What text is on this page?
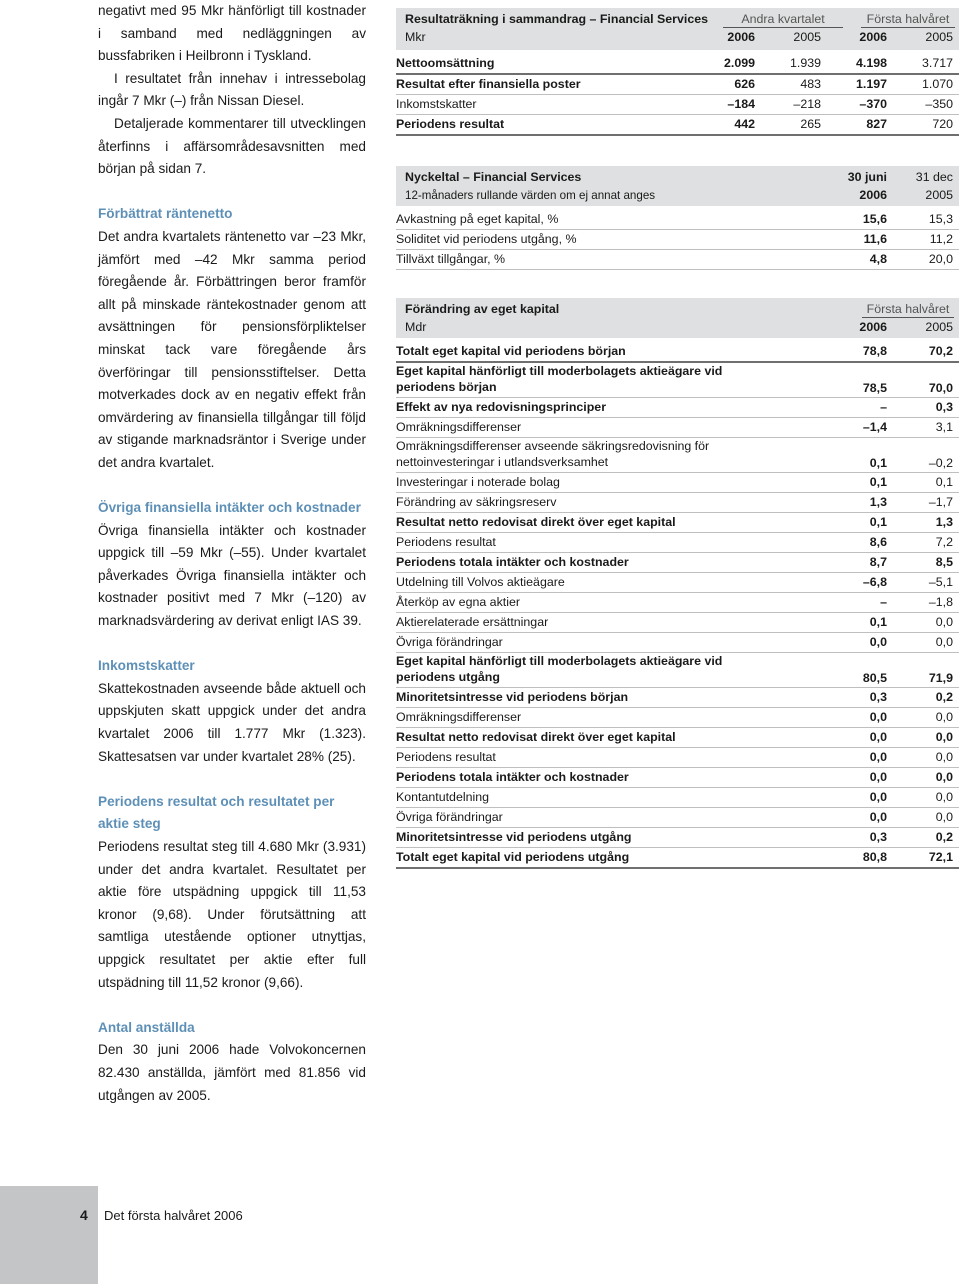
negativt med 95 Mkr hänförligt till kostnader i samband med nedläggningen av bussfabriken i Heilbronn i Tyskland.

I resultatet från innehav i intressebolag ingår 7 Mkr (–) från Nissan Diesel.

Detaljerade kommentarer till utvecklingen återfinns i affärsområdesavsnitten med början på sidan 7.

Förbättrat räntenetto

Det andra kvartalets räntenetto var –23 Mkr, jämfört med –42 Mkr samma period föregående år. Förbättringen beror framför allt på minskade räntekostnader genom att avsättningen för pensionsförpliktelser minskat tack vare föregående års överföringar till pensionsstiftelser. Detta motverkades dock av en negativ effekt från omvärdering av finansiella tillgångar till följd av stigande marknadsräntor i Sverige under det andra kvartalet.

Övriga finansiella intäkter och kostnader

Övriga finansiella intäkter och kostnader uppgick till –59 Mkr (–55). Under kvartalet påverkades Övriga finansiella intäkter och kostnader positivt med 7 Mkr (–120) av marknadsvärdering av derivat enligt IAS 39.

Inkomstskatter

Skattekostnaden avseende både aktuell och uppskjuten skatt uppgick under det andra kvartalet 2006 till 1.777 Mkr (1.323). Skattesatsen var under kvartalet 28% (25).

Periodens resultat och resultatet per aktie steg

Periodens resultat steg till 4.680 Mkr (3.931) under det andra kvartalet. Resultatet per aktie före utspädning uppgick till 11,53 kronor (9,68). Under förutsättning att samtliga utestående optioner utnyttjas, uppgick resultatet per aktie efter full utspädning till 11,52 kronor (9,66).

Antal anställda

Den 30 juni 2006 hade Volvokoncernen 82.430 anställda, jämfört med 81.856 vid utgången av 2005.

Resultaträkning i sammandrag – Financial Services	Andra kvartalet	Första halvåret
Mkr	2006	2005	2006	2005
Nettoomsättning	2.099	1.939	4.198	3.717
Resultat efter finansiella poster	626	483	1.197	1.070
Inkomstskatter	–184	–218	–370	–350
Periodens resultat	442	265	827	720
Nyckeltal – Financial Services	30 juni 31 dec
12-månaders rullande värden om ej annat anges	2006	2005
Avkastning på eget kapital, %	15,6	15,3
Soliditet vid periodens utgång, %	11,6	11,2
Tillväxt tillgångar, %	4,8	20,0
Förändring av eget kapital	Första halvåret
Mdr	2006	2005
Totalt eget kapital vid periodens början	78,8	70,2
Eget kapital hänförligt till moderbolagets aktieägare vid periodens början	78,5	70,0
Effekt av nya redovisningsprinciper	–	0,3
Omräkningsdifferenser	–1,4	3,1
Omräkningsdifferenser avseende säkringsredovisning för nettoinvesteringar i utlandsverksamhet	0,1	–0,2
Investeringar i noterade bolag	0,1	0,1
Förändring av säkringsreserv	1,3	–1,7
Resultat netto redovisat direkt över eget kapital	0,1	1,3
Periodens resultat	8,6	7,2
Periodens totala intäkter och kostnader	8,7	8,5
Utdelning till Volvos aktieägare	–6,8	–5,1
Återköp av egna aktier	–	–1,8
Aktierelaterade ersättningar	0,1	0,0
Övriga förändringar	0,0	0,0
Eget kapital hänförligt till moderbolagets aktieägare vid periodens utgång	80,5	71,9
Minoritetsintresse vid periodens början	0,3	0,2
Omräkningsdifferenser	0,0	0,0
Resultat netto redovisat direkt över eget kapital	0,0	0,0
Periodens resultat	0,0	0,0
Periodens totala intäkter och kostnader	0,0	0,0
Kontantutdelning	0,0	0,0
Övriga förändringar	0,0	0,0
Minoritetsintresse vid periodens utgång	0,3	0,2
Totalt eget kapital vid periodens utgång	80,8	72,1
4 Det första halvåret 2006
